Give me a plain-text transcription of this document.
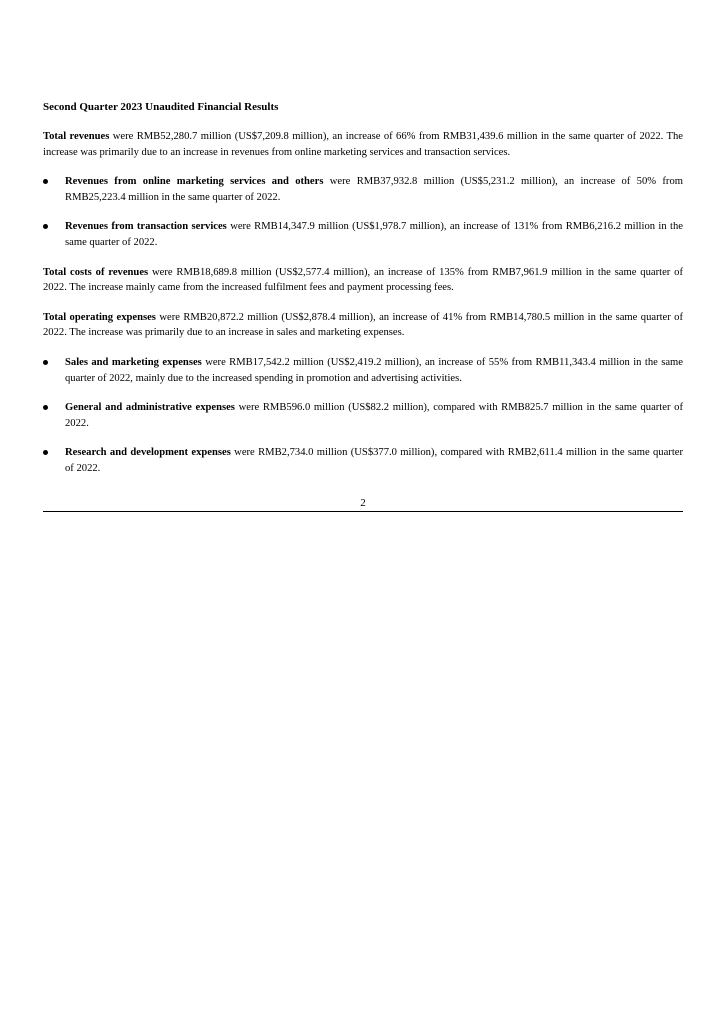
Second Quarter 2023 Unaudited Financial Results

Total revenues were RMB52,280.7 million (US$7,209.8 million), an increase of 66% from RMB31,439.6 million in the same quarter of 2022. The increase was primarily due to an increase in revenues from online marketing services and transaction services.

Revenues from online marketing services and others were RMB37,932.8 million (US$5,231.2 million), an increase of 50% from RMB25,223.4 million in the same quarter of 2022.
Revenues from transaction services were RMB14,347.9 million (US$1,978.7 million), an increase of 131% from RMB6,216.2 million in the same quarter of 2022.

Total costs of revenues were RMB18,689.8 million (US$2,577.4 million), an increase of 135% from RMB7,961.9 million in the same quarter of 2022. The increase mainly came from the increased fulfilment fees and payment processing fees.

Total operating expenses were RMB20,872.2 million (US$2,878.4 million), an increase of 41% from RMB14,780.5 million in the same quarter of 2022. The increase was primarily due to an increase in sales and marketing expenses.

Sales and marketing expenses were RMB17,542.2 million (US$2,419.2 million), an increase of 55% from RMB11,343.4 million in the same quarter of 2022, mainly due to the increased spending in promotion and advertising activities.
General and administrative expenses were RMB596.0 million (US$82.2 million), compared with RMB825.7 million in the same quarter of 2022.
Research and development expenses were RMB2,734.0 million (US$377.0 million), compared with RMB2,611.4 million in the same quarter of 2022.
2
